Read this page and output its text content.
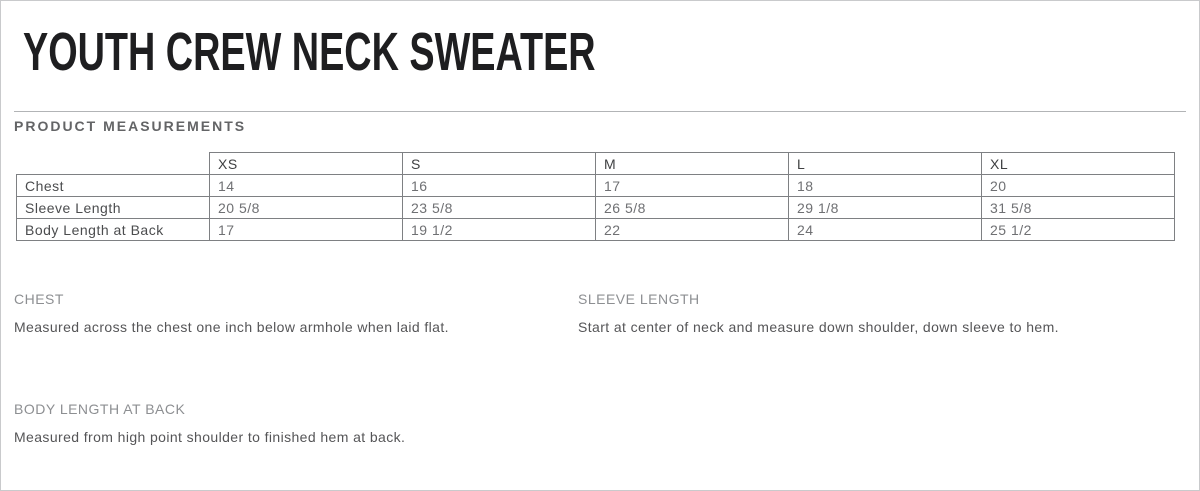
YOUTH CREW NECK SWEATER
PRODUCT MEASUREMENTS
	XS	S	M	L	XL
Chest	14	16	17	18	20
Sleeve Length	20 5/8	23 5/8	26 5/8	29 1/8	31 5/8
Body Length at Back	17	19 1/2	22	24	25 1/2
CHEST
Measured across the chest one inch below armhole when laid flat.
SLEEVE LENGTH
Start at center of neck and measure down shoulder, down sleeve to hem.
BODY LENGTH AT BACK
Measured from high point shoulder to finished hem at back.
